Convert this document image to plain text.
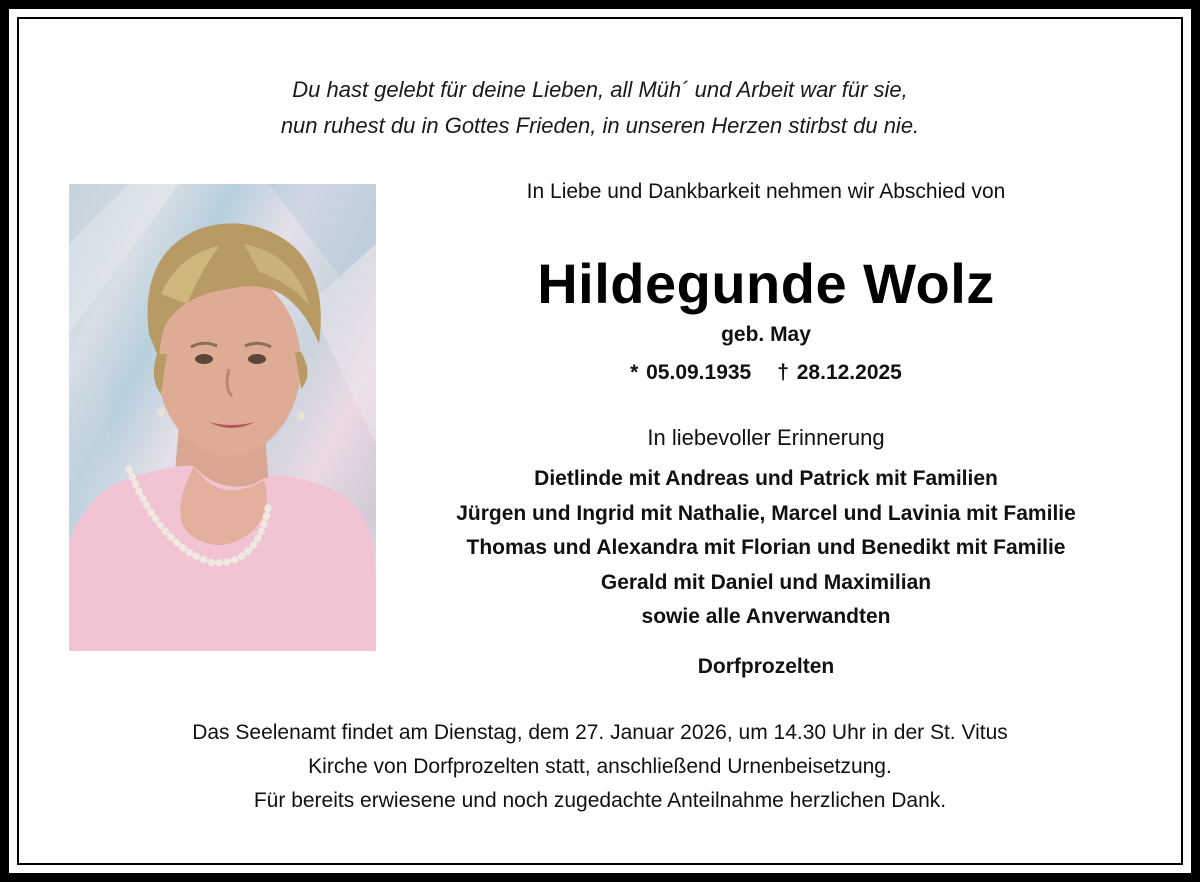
Du hast gelebt für deine Lieben, all Müh´ und Arbeit war für sie,
nun ruhest du in Gottes Frieden, in unseren Herzen stirbst du nie.
In Liebe und Dankbarkeit nehmen wir Abschied von
Hildegunde Wolz
geb. May
* 05.09.1935 † 28.12.2025
In liebevoller Erinnerung
Dietlinde mit Andreas und Patrick mit Familien
Jürgen und Ingrid mit Nathalie, Marcel und Lavinia mit Familie
Thomas und Alexandra mit Florian und Benedikt mit Familie
Gerald mit Daniel und Maximilian
sowie alle Anverwandten
Dorfprozelten
Das Seelenamt findet am Dienstag, dem 27. Januar 2026, um 14.30 Uhr in der St. Vitus
Kirche von Dorfprozelten statt, anschließend Urnenbeisetzung.
Für bereits erwiesene und noch zugedachte Anteilnahme herzlichen Dank.
